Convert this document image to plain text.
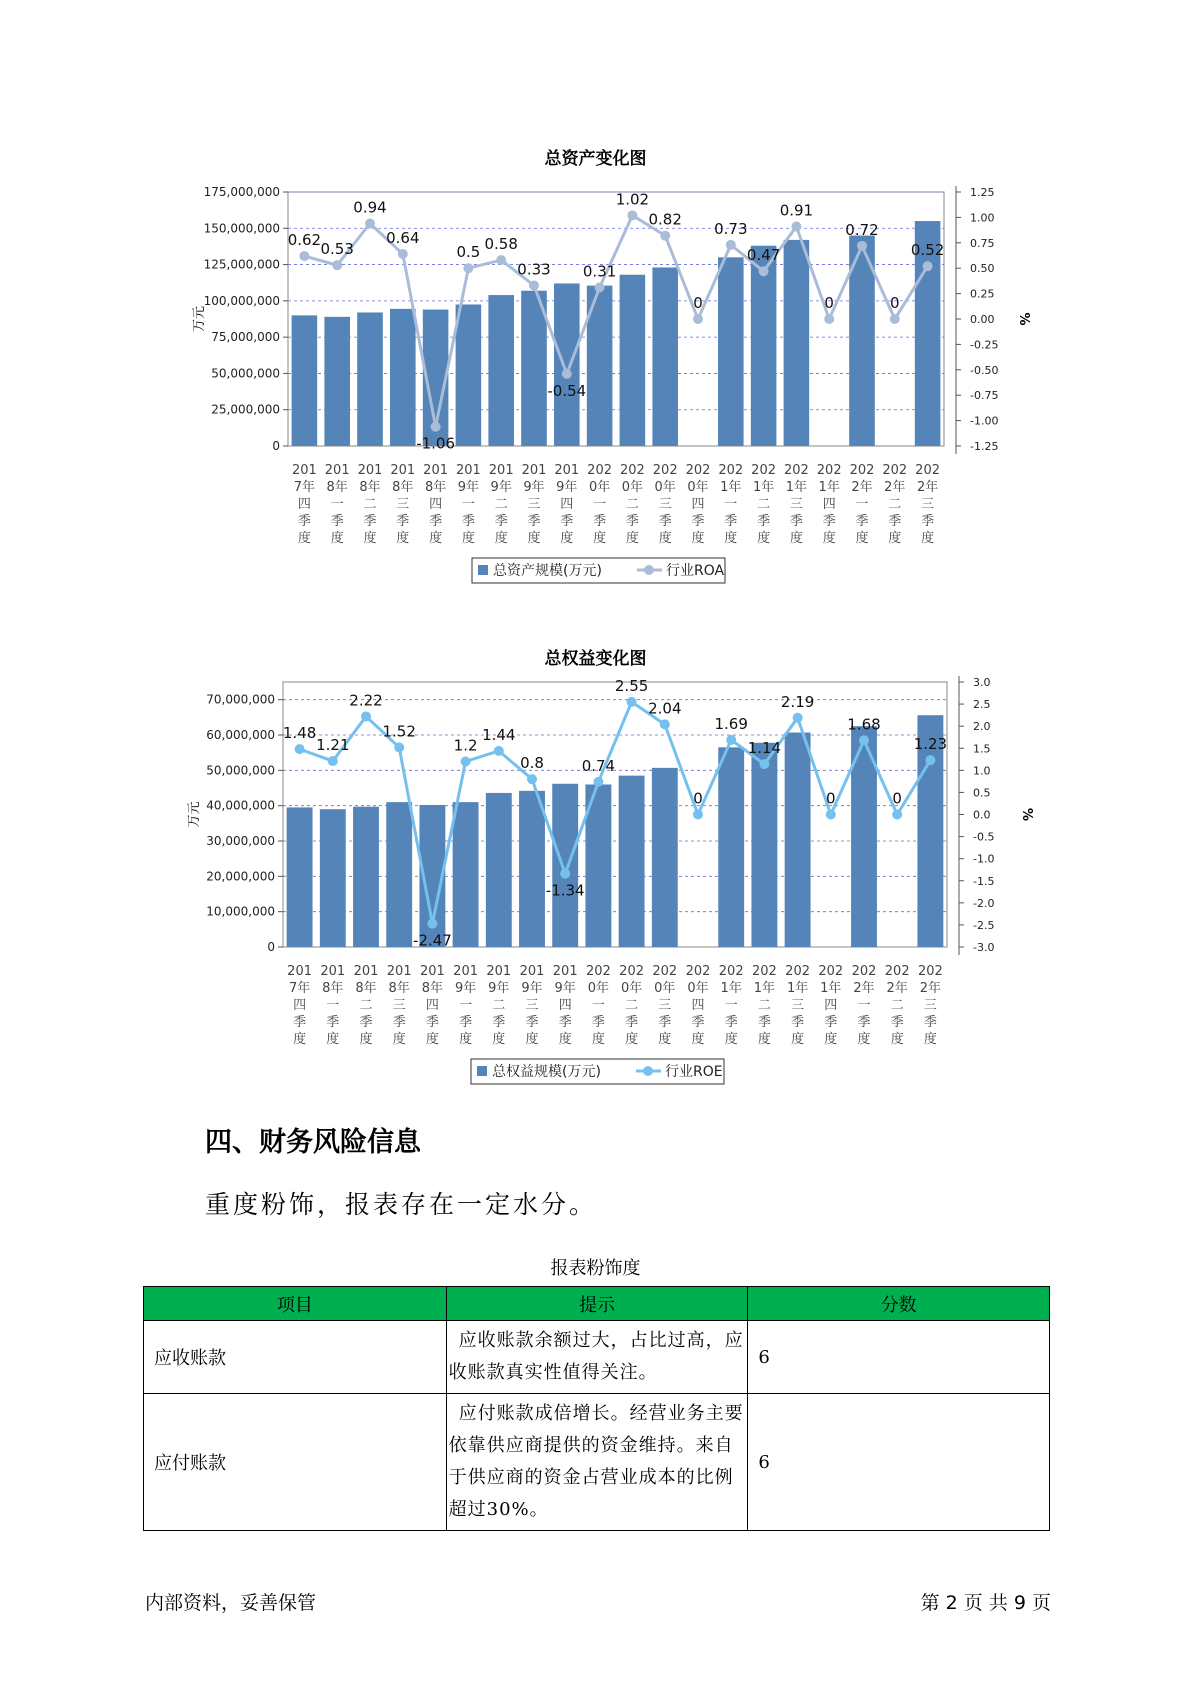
总资产变化图
0
25,000,000
50,000,000
75,000,000
100,000,000
125,000,000
150,000,000
175,000,000
万元
-1.25
-1.00
-0.75
-0.50
-0.25
0.00
0.25
0.50
0.75
1.00
1.25
%
201
7年
四
季
度
201
8年
一
季
度
201
8年
二
季
度
201
8年
三
季
度
201
8年
四
季
度
201
9年
一
季
度
201
9年
二
季
度
201
9年
三
季
度
201
9年
四
季
度
202
0年
一
季
度
202
0年
二
季
度
202
0年
三
季
度
202
0年
四
季
度
202
1年
一
季
度
202
1年
二
季
度
202
1年
三
季
度
202
1年
四
季
度
202
2年
一
季
度
202
2年
二
季
度
202
2年
三
季
度
0.62
0.53
0.94
0.64
-1.06
0.5 0.58
0.33
-0.54
0.31
1.02
0.82
0
0.73
0.47
0.91
0
0.72
0
0.52
总资产规模(万元)	行业ROA
总权益变化图
0
10,000,000
20,000,000
30,000,000
40,000,000
50,000,000
60,000,000
70,000,000
万元
-3.0
-2.5
-2.0
-1.5
-1.0
-0.5
0.0
0.5
1.0
1.5
2.0
2.5
3.0
%
201
7年
四
季
度
201
8年
一
季
度
201
8年
二
季
度
201
8年
三
季
度
201
8年
四
季
度
201
9年
一
季
度
201
9年
二
季
度
201
9年
三
季
度
201
9年
四
季
度
202
0年
一
季
度
202
0年
二
季
度
202
0年
三
季
度
202
0年
四
季
度
202
1年
一
季
度
202
1年
二
季
度
202
1年
三
季
度
202
1年
四
季
度
202
2年
一
季
度
202
2年
二
季
度
202
2年
三
季
度
1.48
1.21
2.22
1.52
-2.47
1.2
1.44
0.8
-1.34
0.74
2.55
2.04
0
1.69
1.14
2.19
0
1.68
0
1.23
总权益规模(万元)	行业ROE
四、财务风险信息
重度粉饰，报表存在一定水分。
报表粉饰度
项目	提示	分数
应收账款	应收账款余额过大，占比过高，应收账款真实性值得关注。	6
应付账款	应付账款成倍增长。经营业务主要依靠供应商提供的资金维持。来自于供应商的资金占营业成本的比例超过30%。	6
内部资料，妥善保管	第 2 页 共 9 页
